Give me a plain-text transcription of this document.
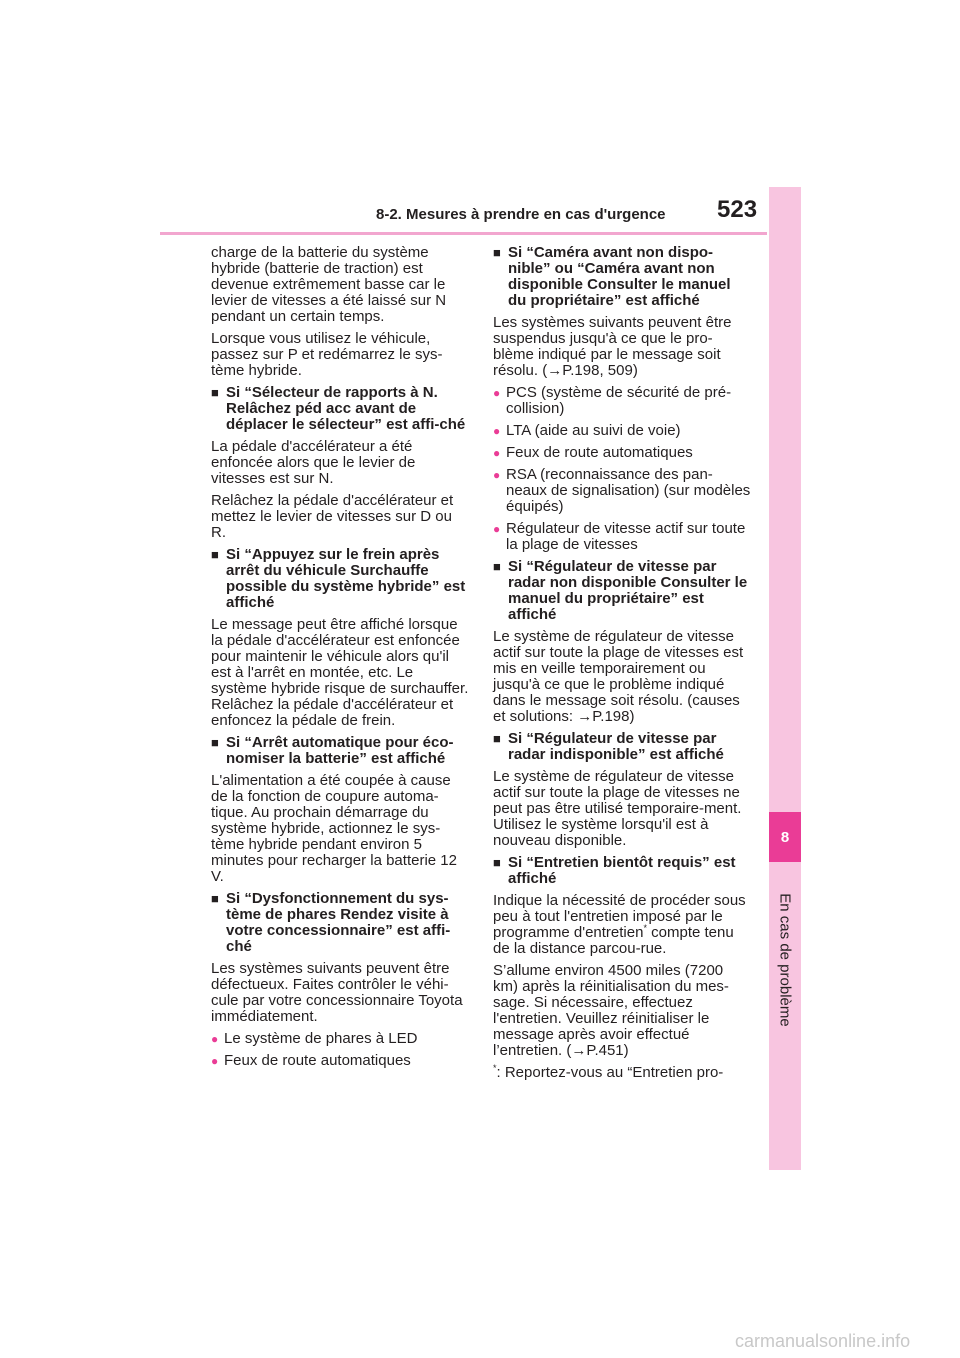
8-2. Mesures à prendre en cas d'urgence 523
8
En cas de problème

charge de la batterie du système hybride (batterie de traction) est devenue extrêmement basse car le levier de vitesses a été laissé sur N pendant un certain temps.

Lorsque vous utilisez le véhicule, passez sur P et redémarrez le sys-tème hybride.

■ Si “Sélecteur de rapports à N. Relâchez péd acc avant de déplacer le sélecteur” est affi-ché

La pédale d'accélérateur a été enfoncée alors que le levier de vitesses est sur N.

Relâchez la pédale d'accélérateur et mettez le levier de vitesses sur D ou R.

■ Si “Appuyez sur le frein après arrêt du véhicule Surchauffe possible du système hybride” est affiché

Le message peut être affiché lorsque la pédale d'accélérateur est enfoncée pour maintenir le véhicule alors qu'il est à l'arrêt en montée, etc. Le système hybride risque de surchauffer. Relâchez la pédale d'accélérateur et enfoncez la pédale de frein.

■ Si “Arrêt automatique pour éco-nomiser la batterie” est affiché

L'alimentation a été coupée à cause de la fonction de coupure automa-tique. Au prochain démarrage du système hybride, actionnez le sys-tème hybride pendant environ 5 minutes pour recharger la batterie 12 V.

■ Si “Dysfonctionnement du sys-tème de phares Rendez visite à votre concessionnaire” est affi-ché

Les systèmes suivants peuvent être défectueux. Faites contrôler le véhi-cule par votre concessionnaire Toyota immédiatement.

● Le système de phares à LED
● Feux de route automatiques
■ Si “Caméra avant non dispo-nible” ou “Caméra avant non disponible Consulter le manuel du propriétaire” est affiché

Les systèmes suivants peuvent être suspendus jusqu'à ce que le pro-blème indiqué par le message soit résolu. (→P.198, 509)

● PCS (système de sécurité de pré-collision)
● LTA (aide au suivi de voie)
● Feux de route automatiques
● RSA (reconnaissance des pan-neaux de signalisation) (sur modèles équipés)
● Régulateur de vitesse actif sur toute la plage de vitesses
■ Si “Régulateur de vitesse par radar non disponible Consulter le manuel du propriétaire” est affiché

Le système de régulateur de vitesse actif sur toute la plage de vitesses est mis en veille temporairement ou jusqu'à ce que le problème indiqué dans le message soit résolu. (causes et solutions: →P.198)

■ Si “Régulateur de vitesse par radar indisponible” est affiché

Le système de régulateur de vitesse actif sur toute la plage de vitesses ne peut pas être utilisé temporaire-ment. Utilisez le système lorsqu'il est à nouveau disponible.

■ Si “Entretien bientôt requis” est affiché

Indique la nécessité de procéder sous peu à tout l'entretien imposé par le programme d'entretien* compte tenu de la distance parcou-rue.

S’allume environ 4500 miles (7200 km) après la réinitialisation du mes-sage. Si nécessaire, effectuez l'entretien. Veuillez réinitialiser le message après avoir effectué l’entretien. (→P.451)

*: Reportez-vous au “Entretien pro-

carmanualsonline.info
